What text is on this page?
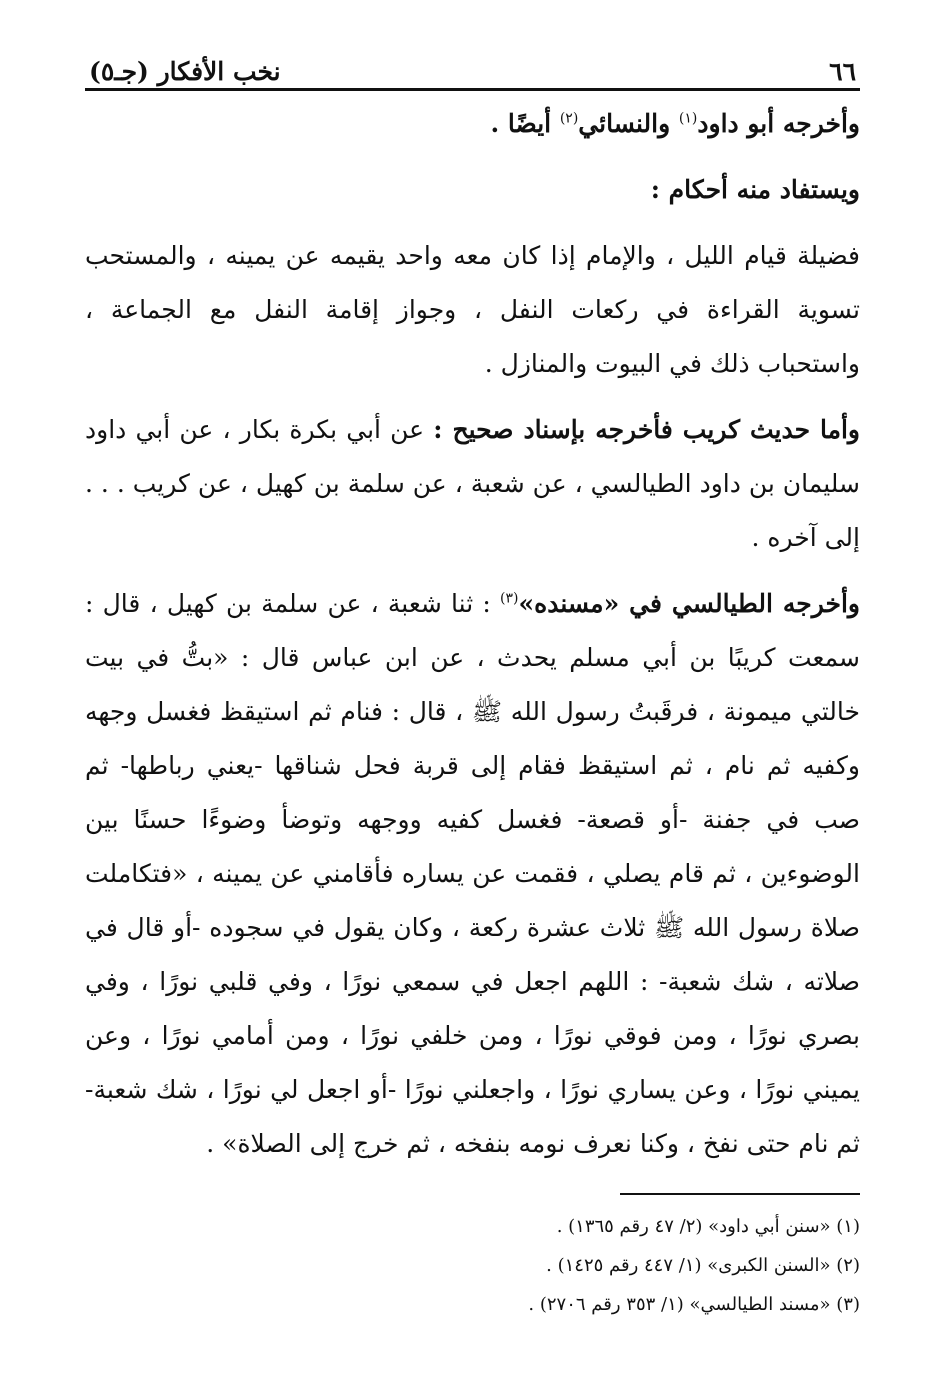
٦٦
نخب الأفكار (جـ٥)

وأخرجه أبو داود$^{(١)}$ والنسائي$^{(٢)}$ أيضًا .

ويستفاد منه أحكام :

فضيلة قيام الليل ، والإمام إذا كان معه واحد يقيمه عن يمينه ، والمستحب تسوية القراءة في ركعات النفل ، وجواز إقامة النفل مع الجماعة ، واستحباب ذلك في البيوت والمنازل .

وأما حديث كريب فأخرجه بإسناد صحيح : عن أبي بكرة بكار ، عن أبي داود سليمان بن داود الطيالسي ، عن شعبة ، عن سلمة بن كهيل ، عن كريب . . . إلى آخره .

وأخرجه الطيالسي في «مسنده»$^{(٣)}$ : ثنا شعبة ، عن سلمة بن كهيل ، قال : سمعت كريبًا بن أبي مسلم يحدث ، عن ابن عباس قال : «بتُّ في بيت خالتي ميمونة ، فرقَبتُ رسول الله ﷺ ، قال : فنام ثم استيقظ فغسل وجهه وكفيه ثم نام ، ثم استيقظ فقام إلى قربة فحل شناقها -يعني رباطها- ثم صب في جفنة -أو قصعة- فغسل كفيه ووجهه وتوضأ وضوءًا حسنًا بين الوضوءين ، ثم قام يصلي ، فقمت عن يساره فأقامني عن يمينه ، «فتكاملت صلاة رسول الله ﷺ ثلاث عشرة ركعة ، وكان يقول في سجوده -أو قال في صلاته ، شك شعبة- : اللهم اجعل في سمعي نورًا ، وفي قلبي نورًا ، وفي بصري نورًا ، ومن فوقي نورًا ، ومن خلفي نورًا ، ومن أمامي نورًا ، وعن يميني نورًا ، وعن يساري نورًا ، واجعلني نورًا -أو اجعل لي نورًا ، شك شعبة- ثم نام حتى نفخ ، وكنا نعرف نومه بنفخه ، ثم خرج إلى الصلاة» .

(١) «سنن أبي داود» (٢/ ٤٧ رقم ١٣٦٥) .

(٢) «السنن الكبرى» (١/ ٤٤٧ رقم ١٤٢٥) .

(٣) «مسند الطيالسي» (١/ ٣٥٣ رقم ٢٧٠٦) .
